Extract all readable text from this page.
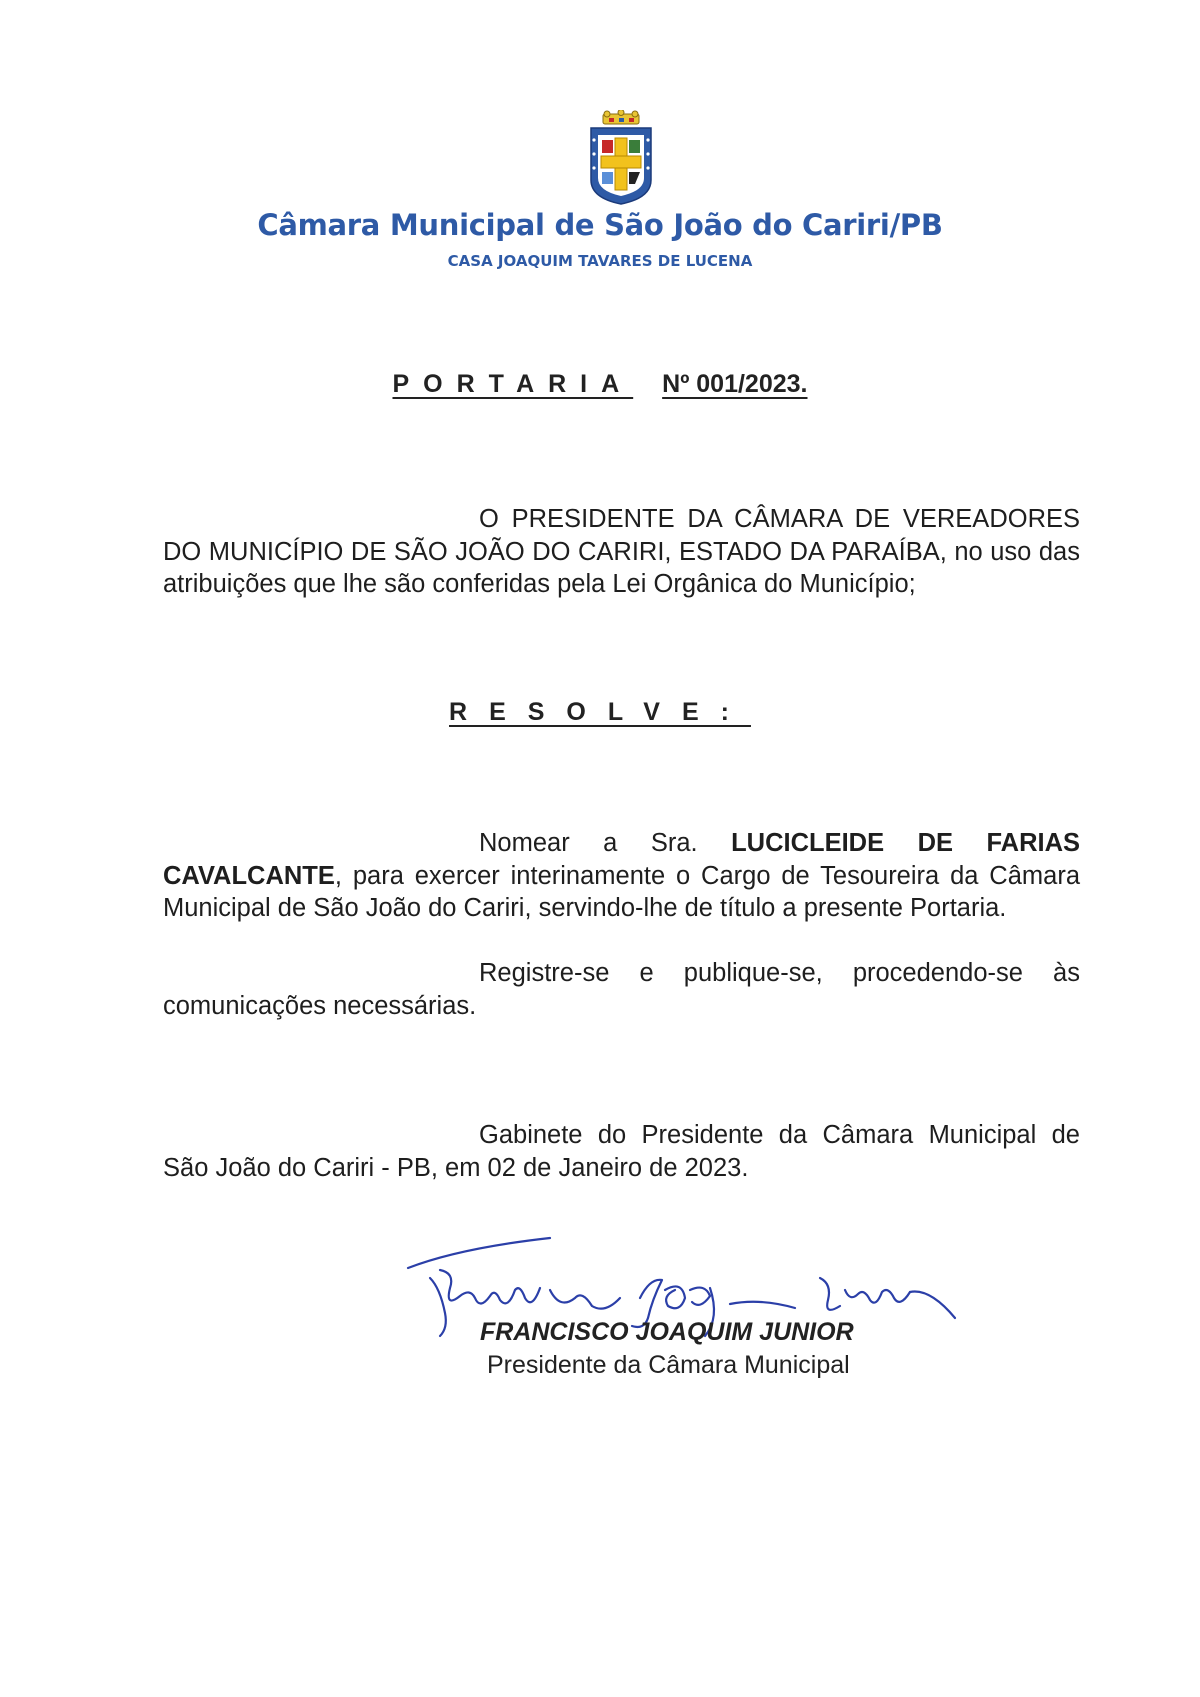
Câmara Municipal de São João do Cariri/PB
CASA JOAQUIM TAVARES DE LUCENA
PORTARIA Nº 001/2023.
O PRESIDENTE DA CÂMARA DE VEREADORES DO MUNICÍPIO DE SÃO JOÃO DO CARIRI, ESTADO DA PARAÍBA, no uso das atribuições que lhe são conferidas pela Lei Orgânica do Município;
RESOLVE:
Nomear a Sra. LUCICLEIDE DE FARIAS CAVALCANTE, para exercer interinamente o Cargo de Tesoureira da Câmara Municipal de São João do Cariri, servindo-lhe de título a presente Portaria.
Registre-se e publique-se, procedendo-se às comunicações necessárias.
Gabinete do Presidente da Câmara Municipal de São João do Cariri - PB, em 02 de Janeiro de 2023.
FRANCISCO JOAQUIM JUNIOR
Presidente da Câmara Municipal
